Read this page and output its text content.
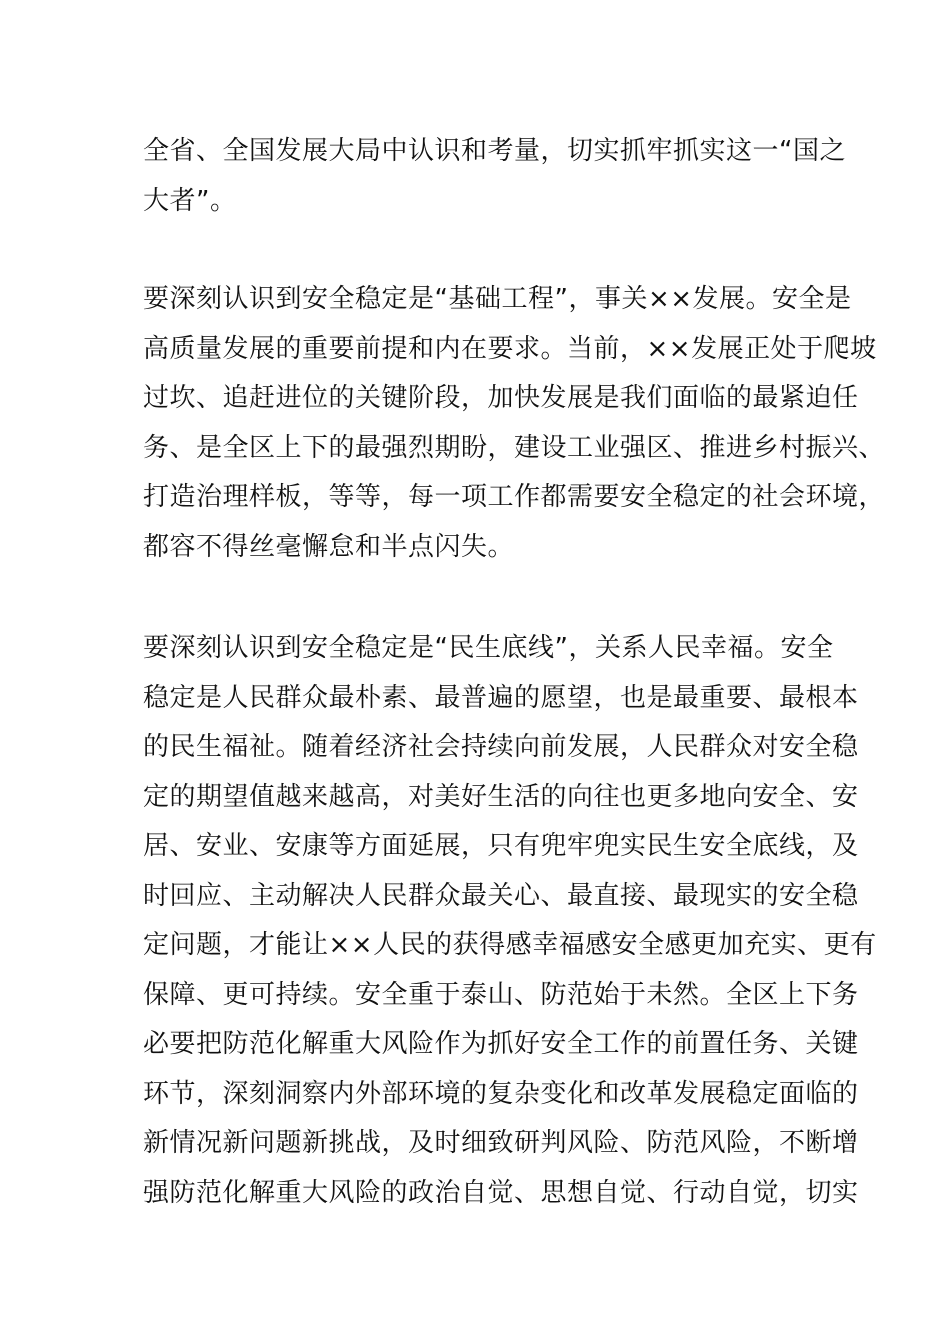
全省、全国发展大局中认识和考量，切实抓牢抓实这一“国之
大者”。

要深刻认识到安全稳定是“基础工程”，事关××发展。安全是
高质量发展的重要前提和内在要求。当前，××发展正处于爬坡
过坎、追赶进位的关键阶段，加快发展是我们面临的最紧迫任
务、是全区上下的最强烈期盼，建设工业强区、推进乡村振兴、
打造治理样板，等等，每一项工作都需要安全稳定的社会环境，
都容不得丝毫懈怠和半点闪失。

要深刻认识到安全稳定是“民生底线”，关系人民幸福。安全
稳定是人民群众最朴素、最普遍的愿望，也是最重要、最根本
的民生福祉。随着经济社会持续向前发展，人民群众对安全稳
定的期望值越来越高，对美好生活的向往也更多地向安全、安
居、安业、安康等方面延展，只有兜牢兜实民生安全底线，及
时回应、主动解决人民群众最关心、最直接、最现实的安全稳
定问题，才能让××人民的获得感幸福感安全感更加充实、更有
保障、更可持续。安全重于泰山、防范始于未然。全区上下务
必要把防范化解重大风险作为抓好安全工作的前置任务、关键
环节，深刻洞察内外部环境的复杂变化和改革发展稳定面临的
新情况新问题新挑战，及时细致研判风险、防范风险，不断增
强防范化解重大风险的政治自觉、思想自觉、行动自觉，切实
